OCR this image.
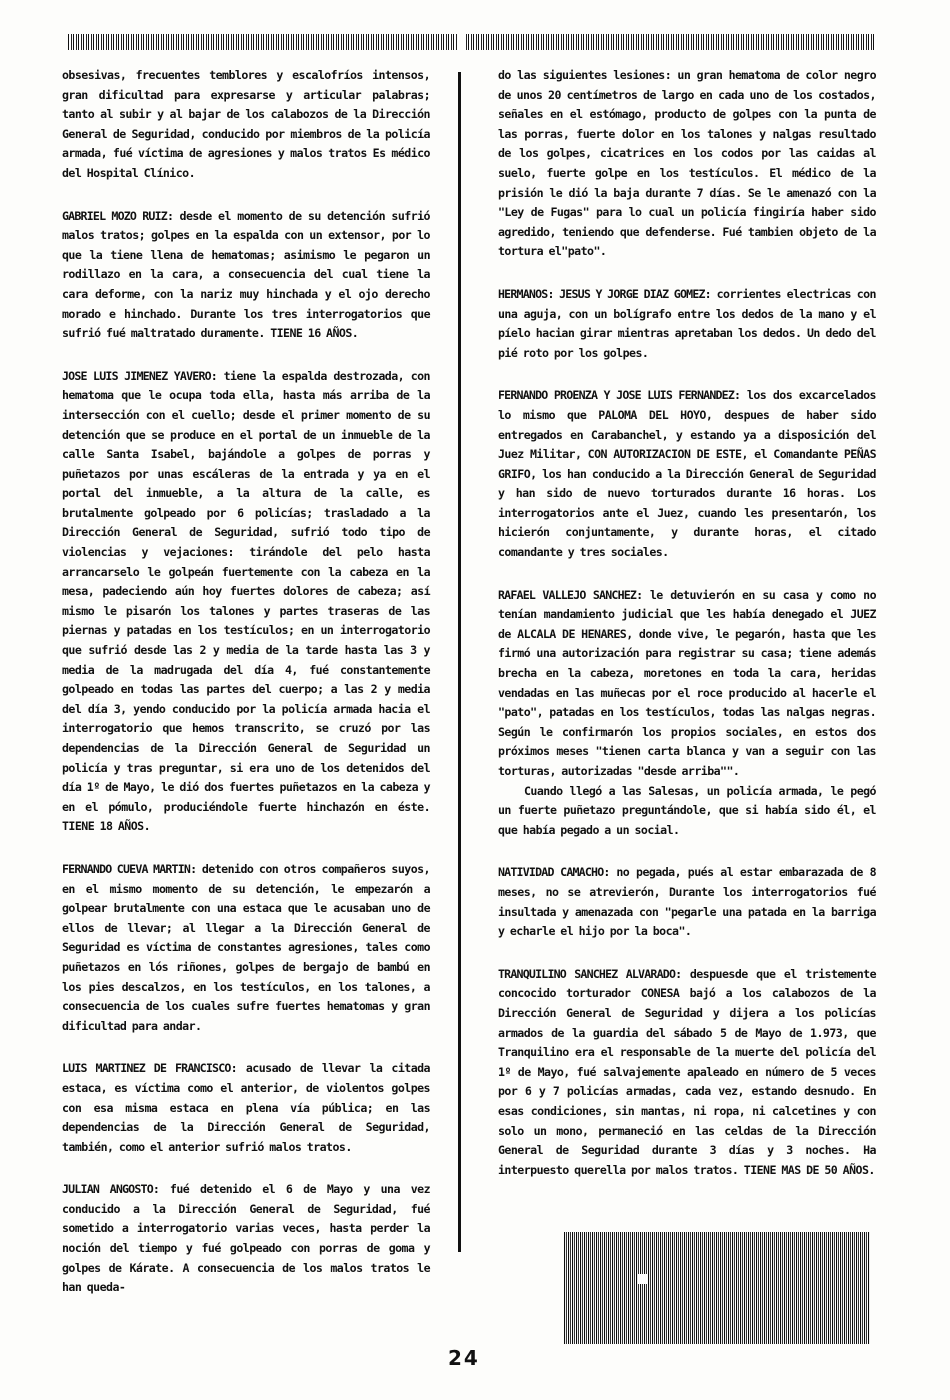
obsesivas, frecuentes temblores y escalofríos intensos, gran dificultad para expresarse y articular palabras; tanto al subir y al bajar de los calabozos de la Dirección General de Seguridad, conducido por miembros de la policía armada, fué víctima de agresiones y malos tratos Es médico del Hospital Clínico.

GABRIEL MOZO RUIZ: desde el momento de su detención sufrió malos tratos; golpes en la espalda con un extensor, por lo que la tiene llena de hematomas; asimismo le pegaron un rodillazo en la cara, a consecuencia del cual tiene la cara deforme, con la nariz muy hinchada y el ojo derecho morado e hinchado. Durante los tres interrogatorios que sufrió fué maltratado duramente. TIENE 16 AÑOS.

JOSE LUIS JIMENEZ YAVERO: tiene la espalda destrozada, con hematoma que le ocupa toda ella, hasta más arriba de la intersección con el cuello; desde el primer momento de su detención que se produce en el portal de un inmueble de la calle Santa Isabel, bajándole a golpes de porras y puñetazos por unas escáleras de la entrada y ya en el portal del inmueble, a la altura de la calle, es brutalmente golpeado por 6 policías; trasladado a la Dirección General de Seguridad, sufrió todo tipo de violencias y vejaciones: tirándole del pelo hasta arrancarselo le golpeán fuertemente con la cabeza en la mesa, padeciendo aún hoy fuertes dolores de cabeza; así mismo le pisarón los talones y partes traseras de las piernas y patadas en los testículos; en un interrogatorio que sufrió desde las 2 y media de la tarde hasta las 3 y media de la madrugada del día 4, fué constantemente golpeado en todas las partes del cuerpo; a las 2 y media del día 3, yendo conducido por la policía armada hacia el interrogatorio que hemos transcrito, se cruzó por las dependencias de la Dirección General de Seguridad un policía y tras preguntar, si era uno de los detenidos del día 1º de Mayo, le dió dos fuertes puñetazos en la cabeza y en el pómulo, produciéndole fuerte hinchazón en éste. TIENE 18 AÑOS.

FERNANDO CUEVA MARTIN: detenido con otros compañeros suyos, en el mismo momento de su detención, le empezarón a golpear brutalmente con una estaca que le acusaban uno de ellos de llevar; al llegar a la Dirección General de Seguridad es víctima de constantes agresiones, tales como puñetazos en lós riñones, golpes de bergajo de bambú en los pies descalzos, en los testículos, en los talones, a consecuencia de los cuales sufre fuertes hematomas y gran dificultad para andar.

LUIS MARTINEZ DE FRANCISCO: acusado de llevar la citada estaca, es víctima como el anterior, de violentos golpes con esa misma estaca en plena vía pública; en las dependencias de la Dirección General de Seguridad, también, como el anterior sufrió malos tratos.

JULIAN ANGOSTO: fué detenido el 6 de Mayo y una vez conducido a la Dirección General de Seguridad, fué sometido a interrogatorio varias veces, hasta perder la noción del tiempo y fué golpeado con porras de goma y golpes de Kárate. A consecuencia de los malos tratos le han queda-

do las siguientes lesiones: un gran hematoma de color negro de unos 20 centímetros de largo en cada uno de los costados, señales en el estómago, producto de golpes con la punta de las porras, fuerte dolor en los talones y nalgas resultado de los golpes, cicatrices en los codos por las caidas al suelo, fuerte golpe en los testículos. El médico de la prisión le dió la baja durante 7 días. Se le amenazó con la "Ley de Fugas" para lo cual un policía fingiría haber sido agredido, teniendo que defenderse. Fué tambien objeto de la tortura el"pato".

HERMANOS: JESUS Y JORGE DIAZ GOMEZ: corrientes electricas con una aguja, con un bolígrafo entre los dedos de la mano y el píelo hacian girar mientras apretaban los dedos. Un dedo del pié roto por los golpes.

FERNANDO PROENZA Y JOSE LUIS FERNANDEZ: los dos excarcelados lo mismo que PALOMA DEL HOYO, despues de haber sido entregados en Carabanchel, y estando ya a disposición del Juez Militar, CON AUTORIZACION DE ESTE, el Comandante PEÑAS GRIFO, los han conducido a la Dirección General de Seguridad y han sido de nuevo torturados durante 16 horas. Los interrogatorios ante el Juez, cuando les presentarón, los hicierón conjuntamente, y durante horas, el citado comandante y tres sociales.

RAFAEL VALLEJO SANCHEZ: le detuvierón en su casa y como no tenían mandamiento judicial que les había denegado el JUEZ de ALCALA DE HENARES, donde vive, le pegarón, hasta que les firmó una autorización para registrar su casa; tiene además brecha en la cabeza, moretones en toda la cara, heridas vendadas en las muñecas por el roce producido al hacerle el "pato", patadas en los testículos, todas las nalgas negras. Según le confirmarón los propios sociales, en estos dos próximos meses "tienen carta blanca y van a seguir con las torturas, autorizadas "desde arriba"".

Cuando llegó a las Salesas, un policía armada, le pegó un fuerte puñetazo preguntándole, que si había sido él, el que había pegado a un social.

NATIVIDAD CAMACHO: no pegada, pués al estar embarazada de 8 meses, no se atrevierón, Durante los interrogatorios fué insultada y amenazada con "pegarle una patada en la barriga y echarle el hijo por la boca".

TRANQUILINO SANCHEZ ALVARADO: despuesde que el tristemente concocido torturador CONESA bajó a los calabozos de la Dirección General de Seguridad y dijera a los policías armados de la guardia del sábado 5 de Mayo de 1.973, que Tranquilino era el responsable de la muerte del policía del 1º de Mayo, fué salvajemente apaleado en número de 5 veces por 6 y 7 policías armadas, cada vez, estando desnudo. En esas condiciones, sin mantas, ni ropa, ni calcetines y con solo un mono, permaneció en las celdas de la Dirección General de Seguridad durante 3 días y 3 noches. Ha interpuesto querella por malos tratos. TIENE MAS DE 50 AÑOS.

24
